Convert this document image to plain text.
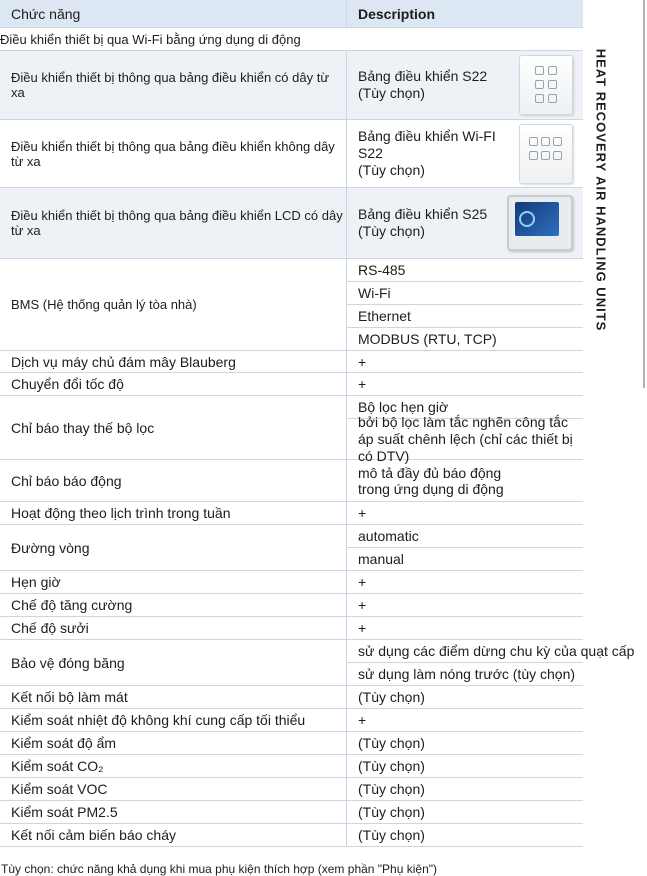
Chức năng	Description
Điều khiển thiết bị qua Wi-Fi bằng ứng dụng di động	
Điều khiển thiết bị thông qua bảng điều khiển có dây từ xa	Bảng điều khiển S22
(Tùy chọn)

Điều khiển thiết bị thông qua bảng điều khiển không dây từ xa	Bảng điều khiển Wi-FI S22
(Tùy chọn)

Điều khiển thiết bị thông qua bảng điều khiển LCD có dây từ xa	Bảng điều khiển S25
(Tùy chọn)

BMS (Hệ thống quản lý tòa nhà)	RS-485
Wi-Fi
Ethernet
MODBUS (RTU, TCP)

Dịch vụ máy chủ đám mây Blauberg	+
Chuyển đổi tốc độ	+
Chỉ báo thay thế bộ lọc	Bộ lọc hẹn giờ
bởi bộ lọc làm tắc nghẽn công tắc áp suất chênh lệch (chỉ các thiết bị có DTV)

Chỉ báo báo động	mô tả đầy đủ báo động trong ứng dụng di động
Hoạt động theo lịch trình trong tuần	+
Đường vòng	automatic
manual

Hẹn giờ	+
Chế độ tăng cường	+
Chế độ sưởi	+
Bảo vệ đóng băng	sử dụng các điểm dừng chu kỳ của quạt cấp
sử dụng làm nóng trước (tùy chọn)

Kết nối bộ làm mát	(Tùy chọn)
Kiểm soát nhiệt độ không khí cung cấp tối thiểu	+
Kiểm soát độ ẩm	(Tùy chọn)
Kiểm soát CO₂	(Tùy chọn)
Kiểm soát VOC	(Tùy chọn)
Kiểm soát PM2.5	(Tùy chọn)
Kết nối cảm biến báo cháy	(Tùy chọn)
HEAT RECOVERY AIR HANDLING UNITS
Tùy chọn: chức năng khả dụng khi mua phụ kiện thích hợp (xem phần "Phụ kiện")
